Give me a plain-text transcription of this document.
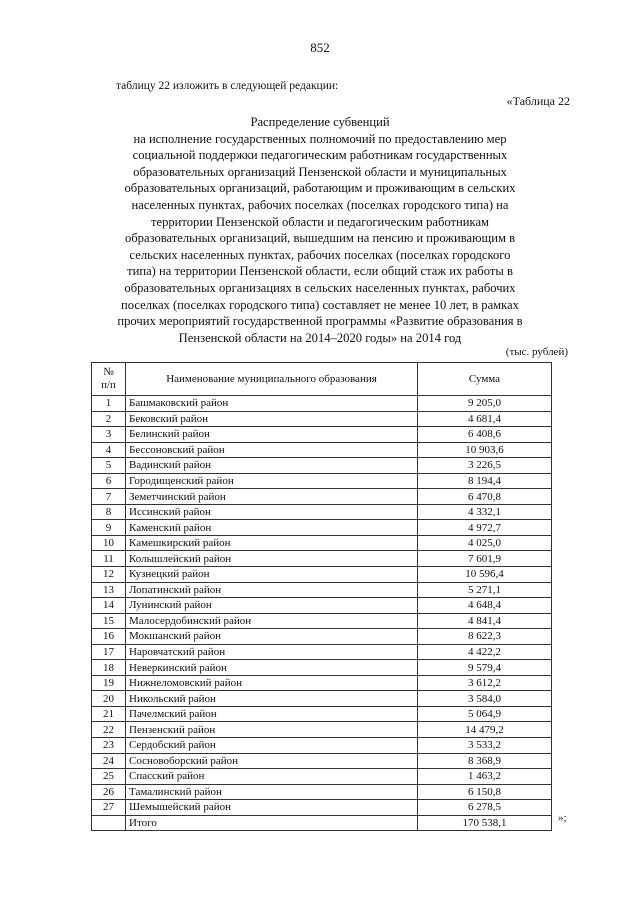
852
таблицу 22 изложить в следующей редакции:
«Таблица 22
Распределение субвенций
на исполнение государственных полномочий по предоставлению мер
социальной поддержки педагогическим работникам государственных
образовательных организаций Пензенской области и муниципальных
образовательных организаций, работающим и проживающим в сельских
населенных пунктах, рабочих поселках (поселках городского типа) на
территории Пензенской области и педагогическим работникам
образовательных организаций, вышедшим на пенсию и проживающим в
сельских населенных пунктах, рабочих поселках (поселках городского
типа) на территории Пензенской области, если общий стаж их работы в
образовательных организациях в сельских населенных пунктах, рабочих
поселках (поселках городского типа) составляет не менее 10 лет, в рамках
прочих мероприятий государственной программы «Развитие образования в
Пензенской области на 2014–2020 годы» на 2014 год
(тыс. рублей)
№
п/п	Наименование муниципального образования	Сумма
1	Башмаковский район	9 205,0
2	Бековский район	4 681,4
3	Белинский район	6 408,6
4	Бессоновский район	10 903,6
5	Вадинский район	3 226,5
6	Городищенский район	8 194,4
7	Земетчинский район	6 470,8
8	Иссинский район	4 332,1
9	Каменский район	4 972,7
10	Камешкирский район	4 025,0
11	Колышлейский район	7 601,9
12	Кузнецкий район	10 596,4
13	Лопатинский район	5 271,1
14	Лунинский район	4 648,4
15	Малосердобинский район	4 841,4
16	Мокшанский район	8 622,3
17	Наровчатский район	4 422,2
18	Неверкинский район	9 579,4
19	Нижнеломовский район	3 612,2
20	Никольский район	3 584,0
21	Пачелмский район	5 064,9
22	Пензенский район	14 479,2
23	Сердобский район	3 533,2
24	Сосновоборский район	8 368,9
25	Спасский район	1 463,2
26	Тамалинский район	6 150,8
27	Шемышейский район	6 278,5
	Итого	170 538,1	»;
